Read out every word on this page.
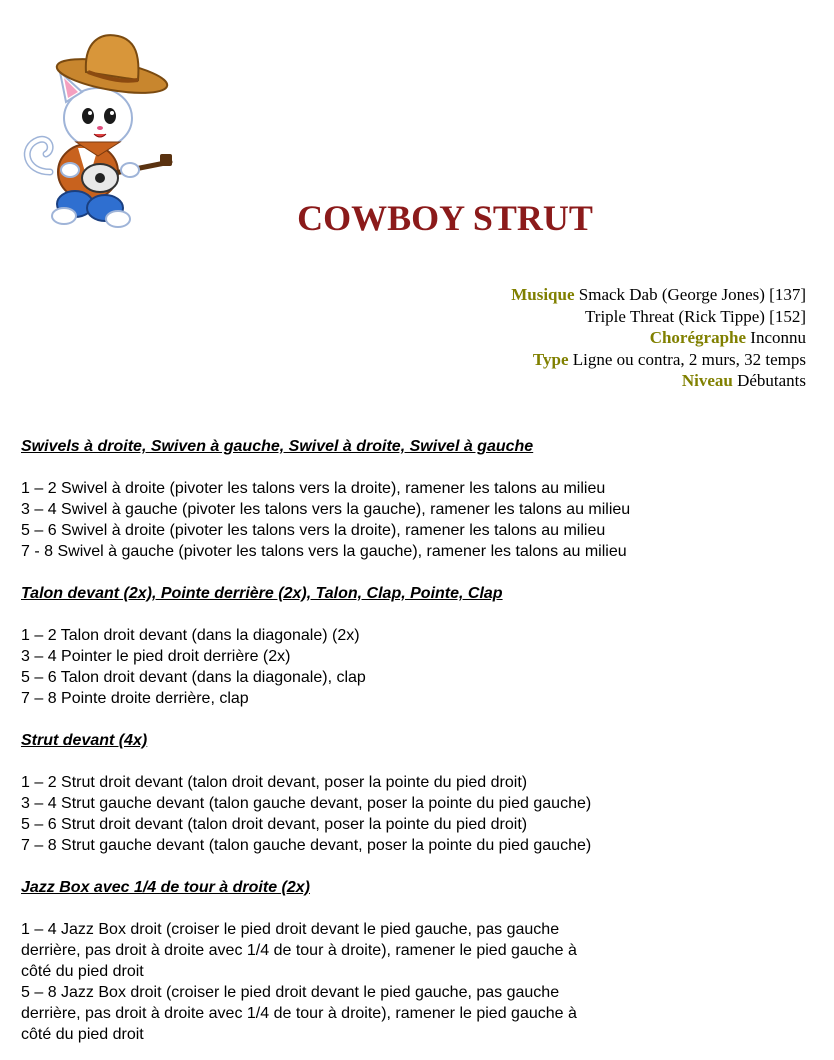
COWBOY STRUT
Musique Smack Dab (George Jones) [137]
Triple Threat (Rick Tippe) [152]
Chorégraphe Inconnu
Type Ligne ou contra, 2 murs, 32 temps
Niveau Débutants

Swivels à droite, Swiven à gauche, Swivel à droite, Swivel à gauche

1 – 2 Swivel à droite (pivoter les talons vers la droite), ramener les talons au milieu

3 – 4 Swivel à gauche (pivoter les talons vers la gauche), ramener les talons au milieu

5 – 6 Swivel à droite (pivoter les talons vers la droite), ramener les talons au milieu

7 - 8 Swivel à gauche (pivoter les talons vers la gauche), ramener les talons au milieu

Talon devant (2x), Pointe derrière (2x), Talon, Clap, Pointe, Clap

1 – 2 Talon droit devant (dans la diagonale) (2x)

3 – 4 Pointer le pied droit derrière (2x)

5 – 6 Talon droit devant (dans la diagonale), clap

7 – 8 Pointe droite derrière, clap

Strut devant (4x)

1 – 2 Strut droit devant (talon droit devant, poser la pointe du pied droit)

3 – 4 Strut gauche devant (talon gauche devant, poser la pointe du pied gauche)

5 – 6 Strut droit devant (talon droit devant, poser la pointe du pied droit)

7 – 8 Strut gauche devant (talon gauche devant, poser la pointe du pied gauche)

Jazz Box avec 1/4 de tour à droite (2x)

1 – 4 Jazz Box droit (croiser le pied droit devant le pied gauche, pas gauche

derrière, pas droit à droite avec 1/4 de tour à droite), ramener le pied gauche à

côté du pied droit

5 – 8 Jazz Box droit (croiser le pied droit devant le pied gauche, pas gauche

derrière, pas droit à droite avec 1/4 de tour à droite), ramener le pied gauche à

côté du pied droit
